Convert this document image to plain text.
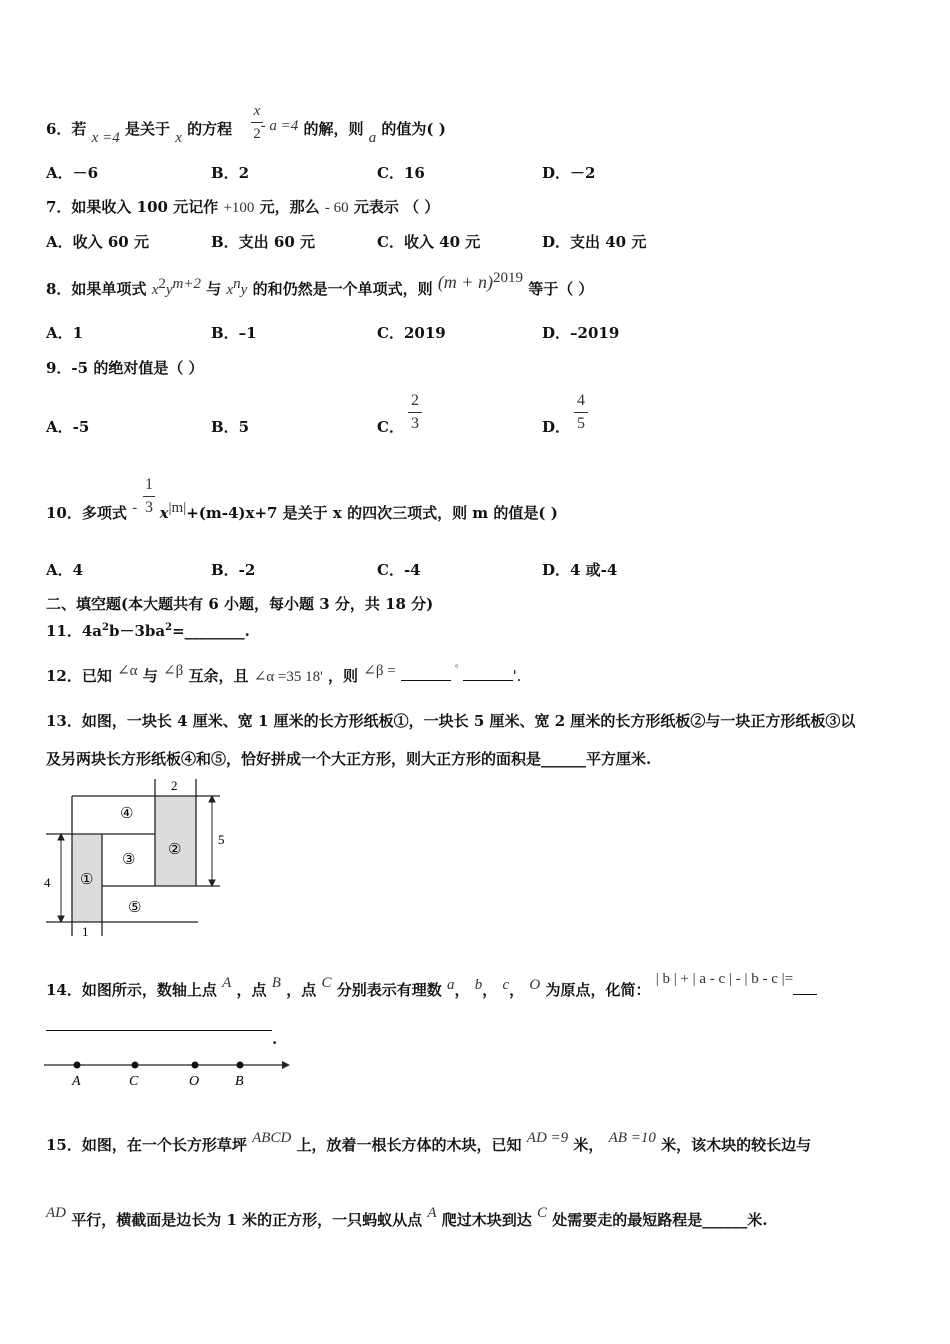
6．若 x =4 是关于 x 的方程 - a =4 的解，则 a 的值为( )
x
2
A．－6	B．2	C．16	D．－2
7．如果收入 100 元记作 +100 元，那么 - 60 元表示 （ ）
A．收入 60 元	B．支出 60 元	C．收入 40 元	D．支出 40 元
8．如果单项式 $x^2y^{m+2}$ 与 $x^ny$ 的和仍然是一个单项式，则 $(m + n)^{2019}$ 等于（ ）
A．1	B．–1	C．2019	D．–2019
9．-5 的绝对值是（ ）
A．-5	B．5	C．
2
3	D．
4
5
10．多项式 - $x^{|m|}+(m-4)x+7$ 是关于 x 的四次三项式，则 m 的值是( )
1
3
A．4	B．-2	C．-4	D．4 或-4
二、填空题(本大题共有 6 小题，每小题 3 分，共 18 分)
11．$4a^2b-3ba^2=\_\_\_\_\_\_\_\_$.
12．已知 ∠α 与 ∠β 互余，且 ∠α =35 18' ，则 ∠β =	°	'.
13．如图，一块长 4 厘米、宽 1 厘米的长方形纸板①，一块长 5 厘米、宽 2 厘米的长方形纸板②与一块正方形纸板③以
及另两块长方形纸板④和⑤，恰好拼成一个大正方形，则大正方形的面积是______平方厘米.
④
③
②
①
⑤
2
5
4
1
14．如图所示，数轴上点 A ，点 B ，点 C 分别表示有理数 a， b， c， O 为原点，化简： | b | + | a - c | - | b - c |=
.
A	C	O	B
15．如图，在一个长方形草坪 ABCD 上，放着一根长方体的木块，已知 AD =9 米， AB =10 米，该木块的较长边与
AD 平行，横截面是边长为 1 米的正方形，一只蚂蚁从点 A 爬过木块到达 C 处需要走的最短路程是______米.
